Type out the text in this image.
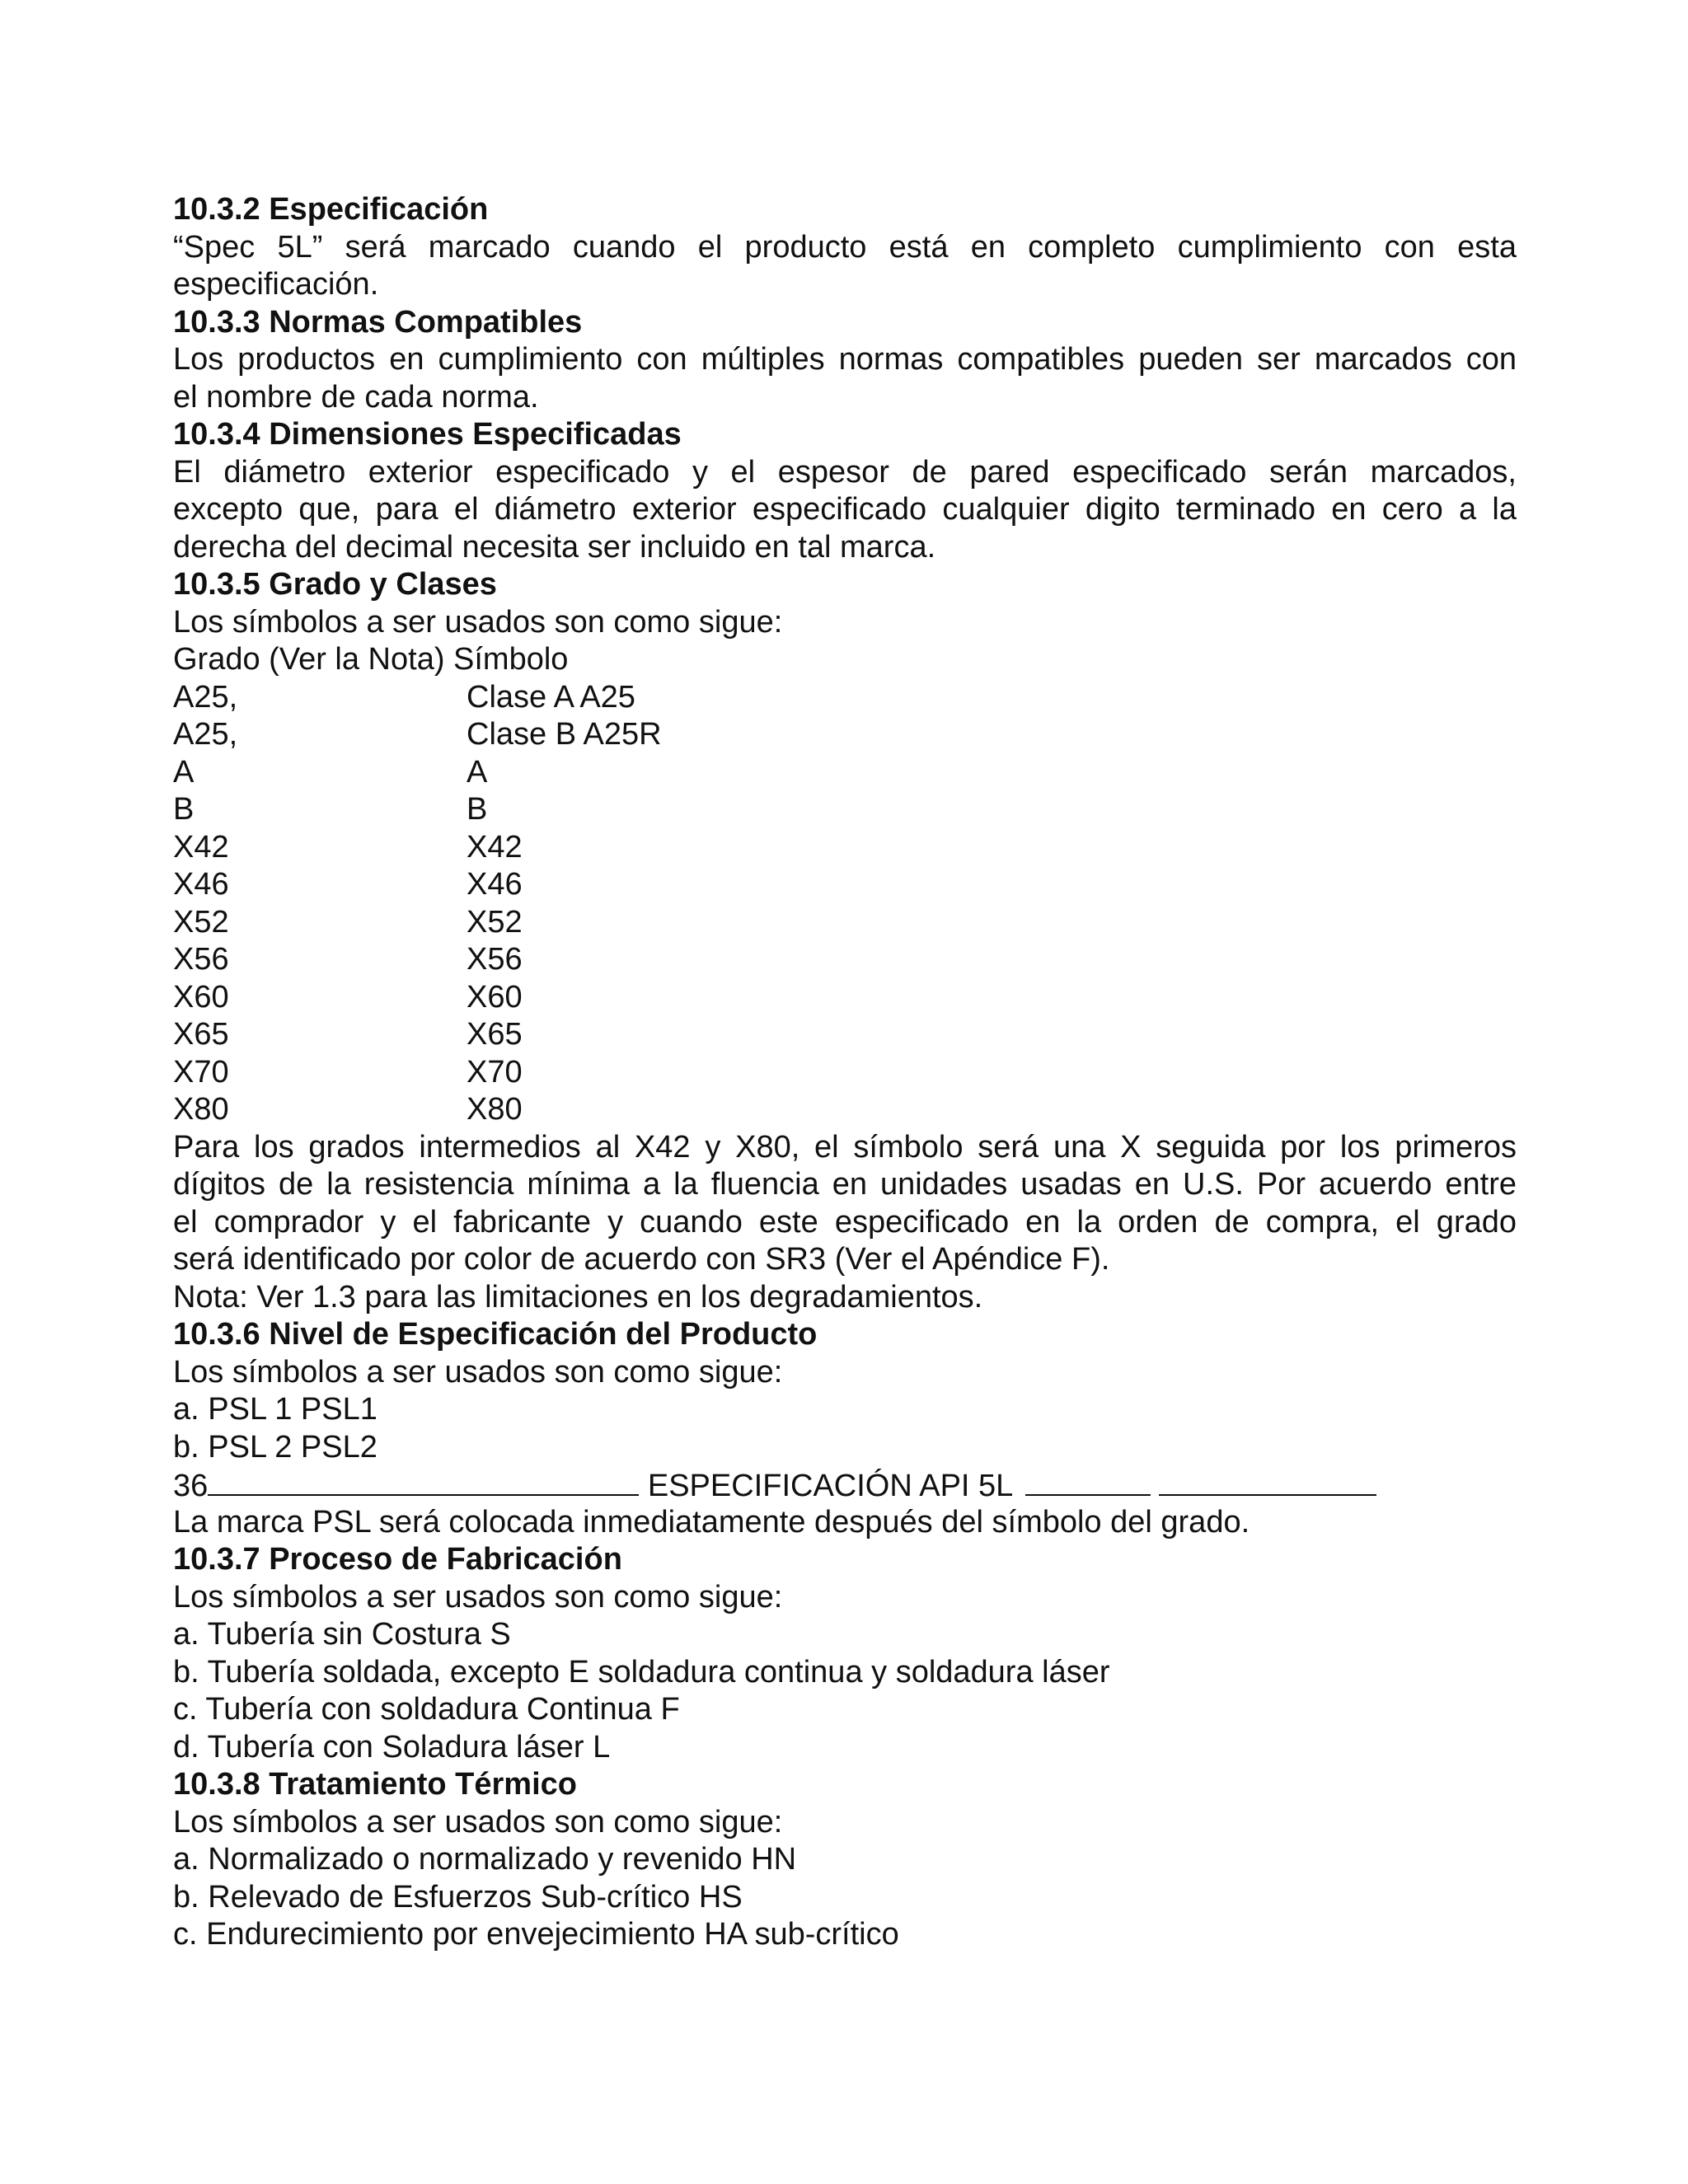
10.3.2 Especificación
“Spec 5L” será marcado cuando el producto está en completo cumplimiento con esta
especificación.
10.3.3 Normas Compatibles
Los productos en cumplimiento con múltiples normas compatibles pueden ser marcados con
el nombre de cada norma.
10.3.4 Dimensiones Especificadas
El diámetro exterior especificado y el espesor de pared especificado serán marcados,
excepto que, para el diámetro exterior especificado cualquier digito terminado en cero a la
derecha del decimal necesita ser incluido en tal marca.
10.3.5 Grado y Clases
Los símbolos a ser usados son como sigue:
Grado (Ver la Nota) Símbolo
A25,	Clase A A25
A25,	Clase B A25R
A	A
B	B
X42	X42
X46	X46
X52	X52
X56	X56
X60	X60
X65	X65
X70	X70
X80	X80
Para los grados intermedios al X42 y X80, el símbolo será una X seguida por los primeros
dígitos de la resistencia mínima a la fluencia en unidades usadas en U.S. Por acuerdo entre
el comprador y el fabricante y cuando este especificado en la orden de compra, el grado
será identificado por color de acuerdo con SR3 (Ver el Apéndice F).
Nota: Ver 1.3 para las limitaciones en los degradamientos.
10.3.6 Nivel de Especificación del Producto
Los símbolos a ser usados son como sigue:
a. PSL 1 PSL1
b. PSL 2 PSL2
36	ESPECIFICACIÓN API 5L
La marca PSL será colocada inmediatamente después del símbolo del grado.
10.3.7 Proceso de Fabricación
Los símbolos a ser usados son como sigue:
a. Tubería sin Costura S
b. Tubería soldada, excepto E soldadura continua y soldadura láser
c. Tubería con soldadura Continua F
d. Tubería con Soladura láser L
10.3.8 Tratamiento Térmico
Los símbolos a ser usados son como sigue:
a. Normalizado o normalizado y revenido HN
b. Relevado de Esfuerzos Sub-crítico HS
c. Endurecimiento por envejecimiento HA sub-crítico
